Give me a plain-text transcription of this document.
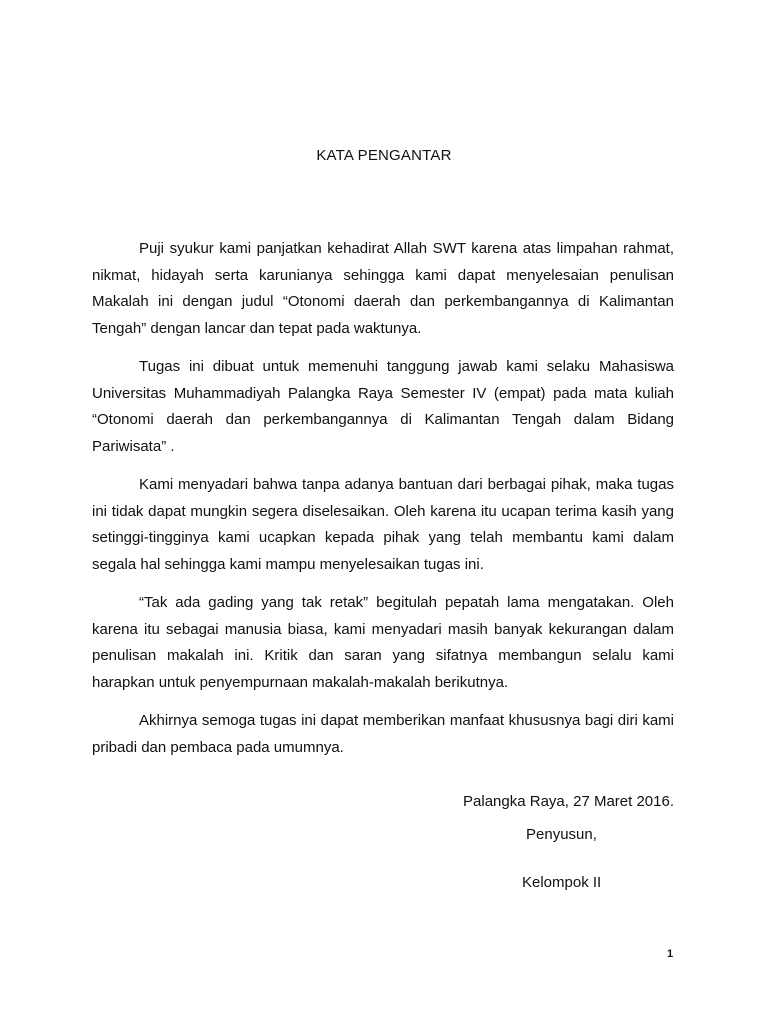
KATA PENGANTAR

Puji syukur kami panjatkan kehadirat Allah SWT karena atas limpahan rahmat, nikmat, hidayah serta karunianya sehingga kami dapat menyelesaian penulisan Makalah ini dengan judul “Otonomi daerah dan perkembangannya di Kalimantan Tengah” dengan lancar dan tepat pada waktunya.

Tugas ini dibuat untuk memenuhi tanggung jawab kami selaku Mahasiswa Universitas Muhammadiyah Palangka Raya Semester IV (empat) pada mata kuliah “Otonomi daerah dan perkembangannya di Kalimantan Tengah dalam Bidang Pariwisata” .

Kami menyadari bahwa tanpa adanya bantuan dari berbagai pihak, maka tugas ini tidak dapat mungkin segera diselesaikan. Oleh karena itu ucapan terima kasih yang setinggi-tingginya kami ucapkan kepada pihak yang telah membantu kami dalam segala hal sehingga kami mampu menyelesaikan tugas ini.

“Tak ada gading yang tak retak” begitulah pepatah lama mengatakan. Oleh karena itu sebagai manusia biasa, kami menyadari masih banyak kekurangan dalam penulisan makalah ini. Kritik dan saran yang sifatnya membangun selalu kami harapkan untuk penyempurnaan makalah-makalah berikutnya.

Akhirnya semoga tugas ini dapat memberikan manfaat khususnya bagi diri kami pribadi dan pembaca pada umumnya.

Palangka Raya, 27 Maret 2016.
Penyusun,
Kelompok II
1
